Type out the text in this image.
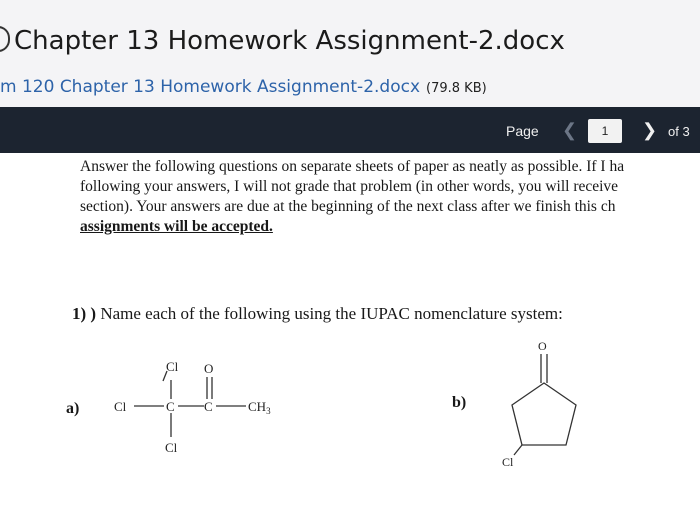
Chapter 13 Homework Assignment-2.docx
m 120 Chapter 13 Homework Assignment-2.docx (79.8 KB)
Page ❮
1	❯ of 3
Answer the following questions on separate sheets of paper as neatly as possible. If I ha
following your answers, I will not grade that problem (in other words, you will receive
section). Your answers are due at the beginning of the next class after we finish this ch
assignments will be accepted.
1) ) Name each of the following using the IUPAC nomenclature system:
a)	b)
Cl O
Cl	C C	$CH_3$
Cl
O
Cl
